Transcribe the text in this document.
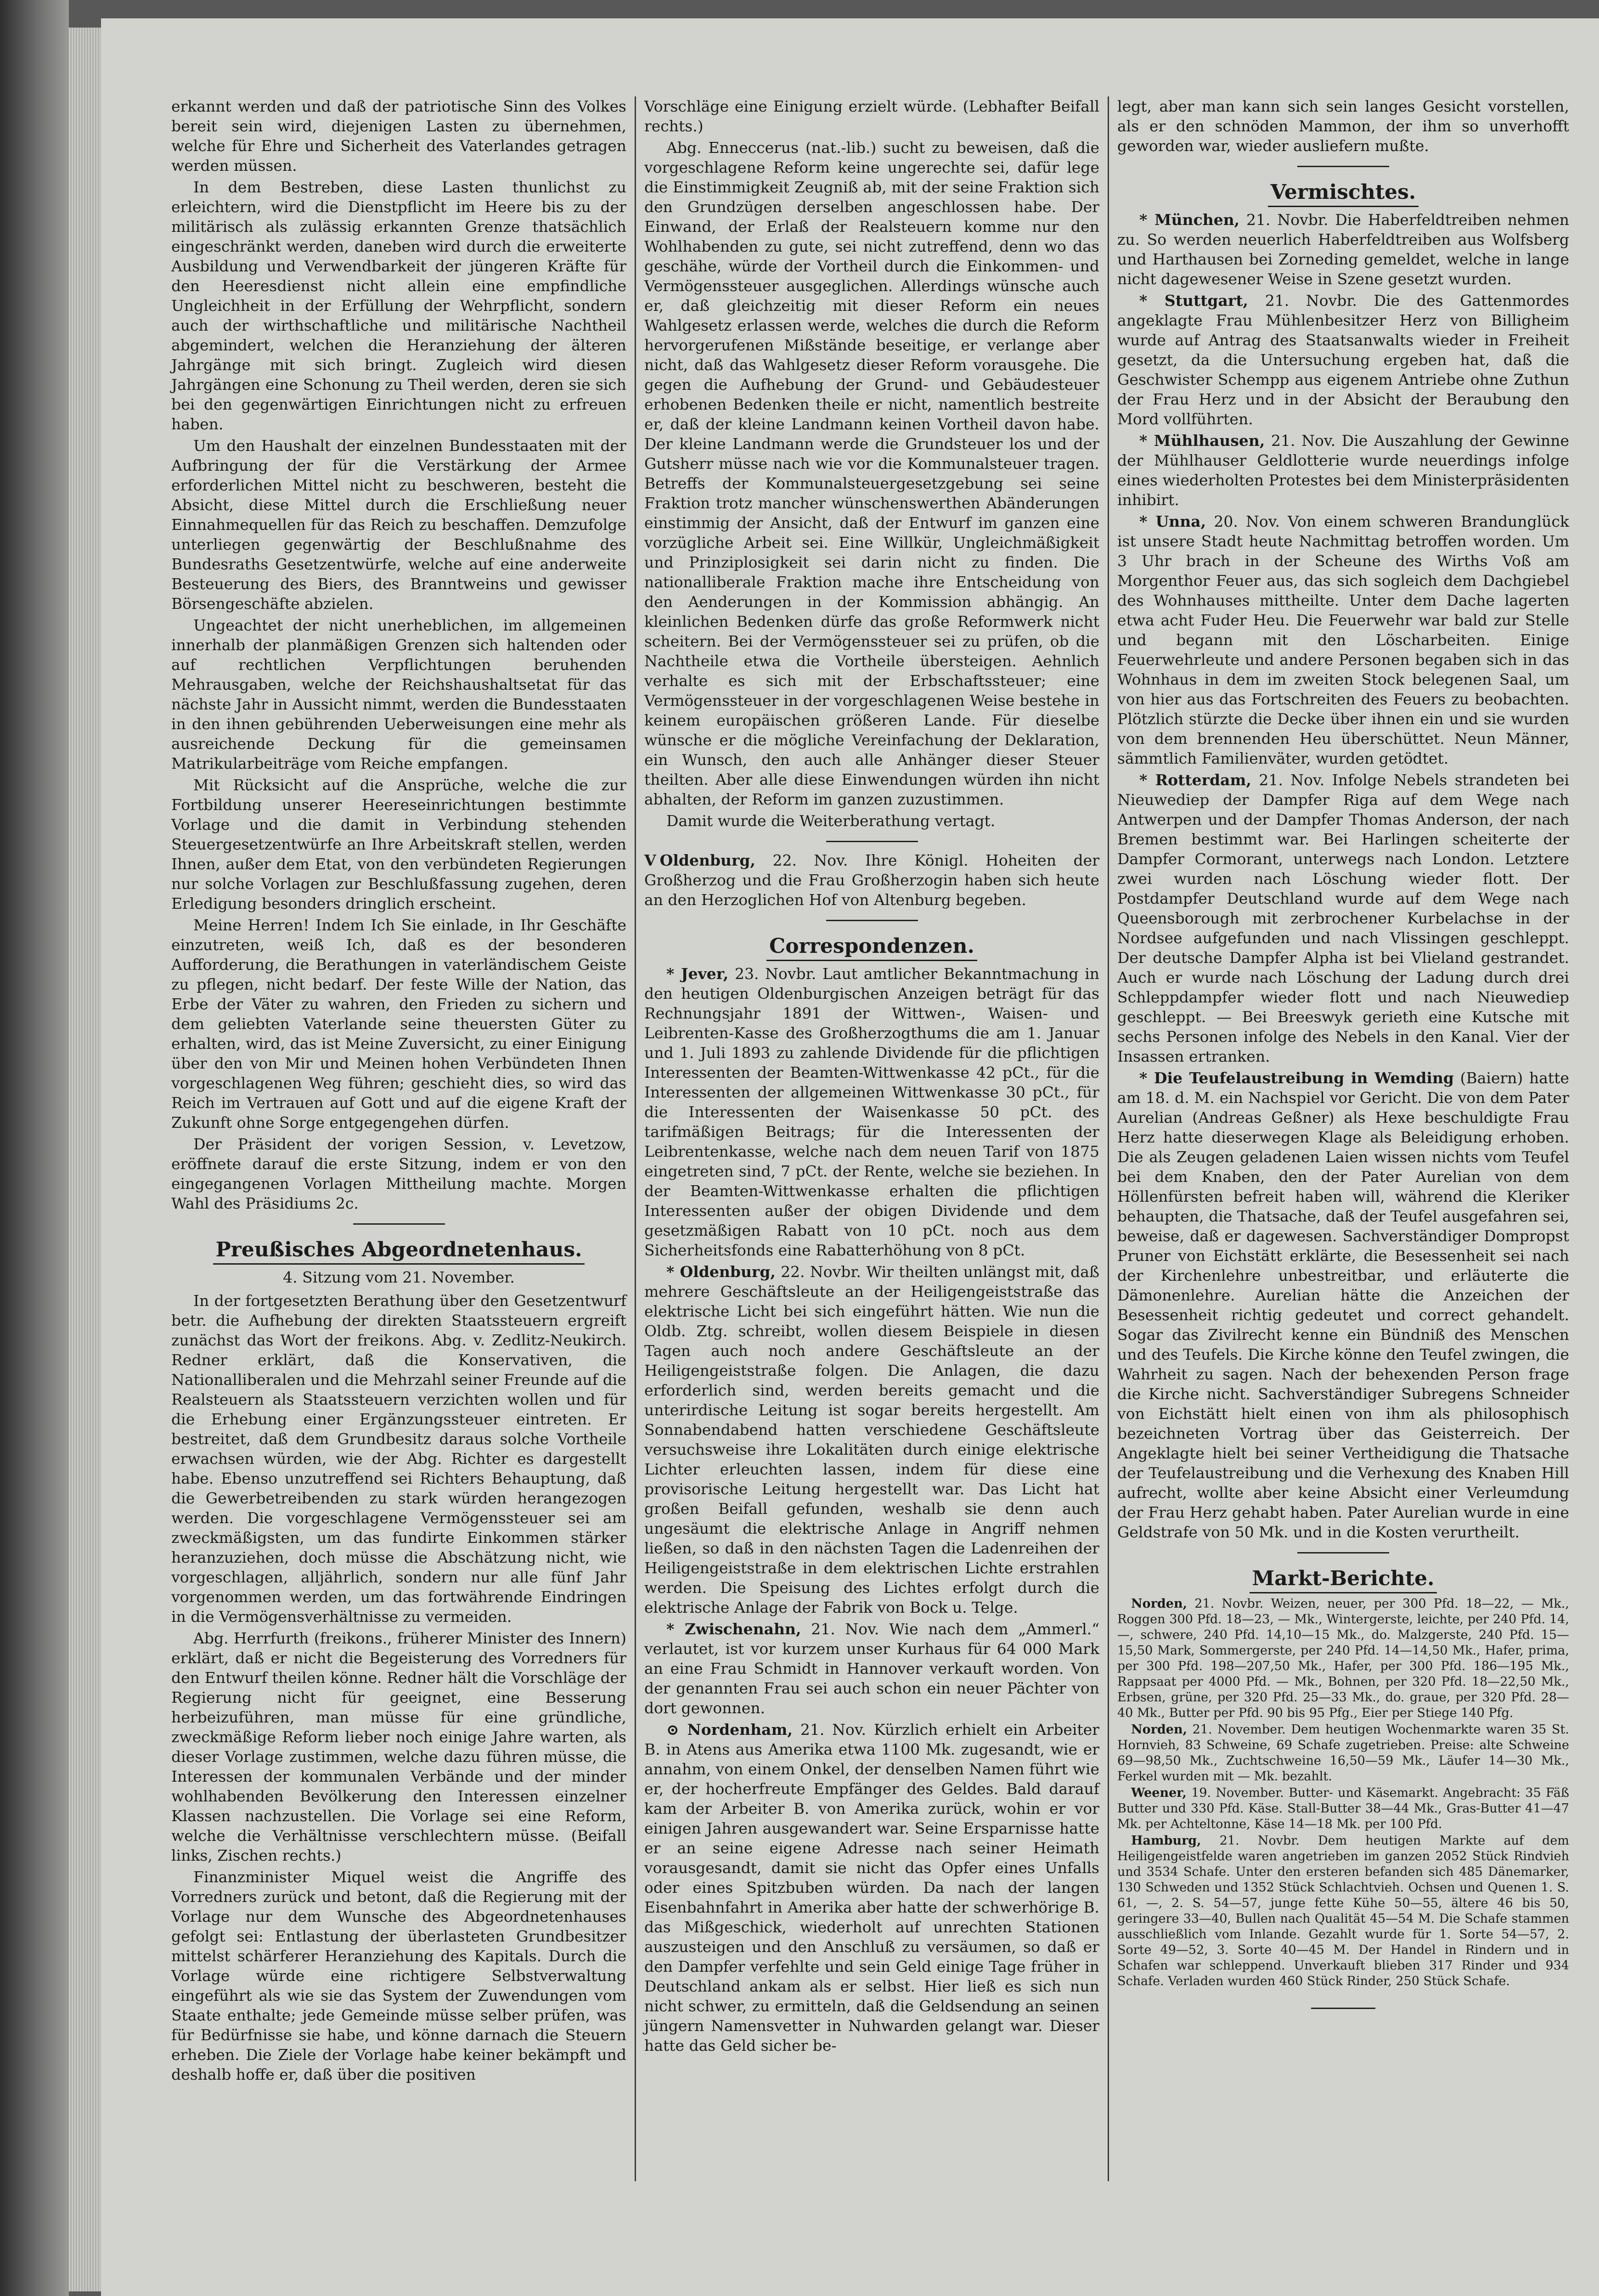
erkannt werden und daß der patriotische Sinn des Volkes bereit sein wird, diejenigen Lasten zu übernehmen, welche für Ehre und Sicherheit des Vaterlandes getragen werden müssen.

In dem Bestreben, diese Lasten thunlichst zu erleichtern, wird die Dienstpflicht im Heere bis zu der militärisch als zulässig erkannten Grenze thatsächlich eingeschränkt werden, daneben wird durch die erweiterte Ausbildung und Verwendbarkeit der jüngeren Kräfte für den Heeresdienst nicht allein eine empfindliche Ungleichheit in der Erfüllung der Wehrpflicht, sondern auch der wirthschaftliche und militärische Nachtheil abgemindert, welchen die Heranziehung der älteren Jahrgänge mit sich bringt. Zugleich wird diesen Jahrgängen eine Schonung zu Theil werden, deren sie sich bei den gegenwärtigen Einrichtungen nicht zu erfreuen haben.

Um den Haushalt der einzelnen Bundesstaaten mit der Aufbringung der für die Verstärkung der Armee erforderlichen Mittel nicht zu beschweren, besteht die Absicht, diese Mittel durch die Erschließung neuer Einnahmequellen für das Reich zu beschaffen. Demzufolge unterliegen gegenwärtig der Beschlußnahme des Bundesraths Gesetzentwürfe, welche auf eine anderweite Besteuerung des Biers, des Branntweins und gewisser Börsengeschäfte abzielen.

Ungeachtet der nicht unerheblichen, im allgemeinen innerhalb der planmäßigen Grenzen sich haltenden oder auf rechtlichen Verpflichtungen beruhenden Mehrausgaben, welche der Reichshaushaltsetat für das nächste Jahr in Aussicht nimmt, werden die Bundesstaaten in den ihnen gebührenden Ueberweisungen eine mehr als ausreichende Deckung für die gemeinsamen Matrikularbeiträge vom Reiche empfangen.

Mit Rücksicht auf die Ansprüche, welche die zur Fortbildung unserer Heereseinrichtungen bestimmte Vorlage und die damit in Verbindung stehenden Steuergesetzentwürfe an Ihre Arbeitskraft stellen, werden Ihnen, außer dem Etat, von den verbündeten Regierungen nur solche Vorlagen zur Beschlußfassung zugehen, deren Erledigung besonders dringlich erscheint.

Meine Herren! Indem Ich Sie einlade, in Ihr Geschäfte einzutreten, weiß Ich, daß es der besonderen Aufforderung, die Berathungen in vaterländischem Geiste zu pflegen, nicht bedarf. Der feste Wille der Nation, das Erbe der Väter zu wahren, den Frieden zu sichern und dem geliebten Vaterlande seine theuersten Güter zu erhalten, wird, das ist Meine Zuversicht, zu einer Einigung über den von Mir und Meinen hohen Verbündeten Ihnen vorgeschlagenen Weg führen; geschieht dies, so wird das Reich im Vertrauen auf Gott und auf die eigene Kraft der Zukunft ohne Sorge entgegengehen dürfen.

Der Präsident der vorigen Session, v. Levetzow, eröffnete darauf die erste Sitzung, indem er von den eingegangenen Vorlagen Mittheilung machte. Morgen Wahl des Präsidiums 2c.

Preußisches Abgeordnetenhaus.

4. Sitzung vom 21. November.

In der fortgesetzten Berathung über den Gesetzentwurf betr. die Aufhebung der direkten Staatssteuern ergreift zunächst das Wort der freikons. Abg. v. Zedlitz-Neukirch. Redner erklärt, daß die Konservativen, die Nationalliberalen und die Mehrzahl seiner Freunde auf die Realsteuern als Staatssteuern verzichten wollen und für die Erhebung einer Ergänzungssteuer eintreten. Er bestreitet, daß dem Grundbesitz daraus solche Vortheile erwachsen würden, wie der Abg. Richter es dargestellt habe. Ebenso unzutreffend sei Richters Behauptung, daß die Gewerbetreibenden zu stark würden herangezogen werden. Die vorgeschlagene Vermögenssteuer sei am zweckmäßigsten, um das fundirte Einkommen stärker heranzuziehen, doch müsse die Abschätzung nicht, wie vorgeschlagen, alljährlich, sondern nur alle fünf Jahr vorgenommen werden, um das fortwährende Eindringen in die Vermögensverhältnisse zu vermeiden.

Abg. Herrfurth (freikons., früherer Minister des Innern) erklärt, daß er nicht die Begeisterung des Vorredners für den Entwurf theilen könne. Redner hält die Vorschläge der Regierung nicht für geeignet, eine Besserung herbeizuführen, man müsse für eine gründliche, zweckmäßige Reform lieber noch einige Jahre warten, als dieser Vorlage zustimmen, welche dazu führen müsse, die Interessen der kommunalen Verbände und der minder wohlhabenden Bevölkerung den Interessen einzelner Klassen nachzustellen. Die Vorlage sei eine Reform, welche die Verhältnisse verschlechtern müsse. (Beifall links, Zischen rechts.)

Finanzminister Miquel weist die Angriffe des Vorredners zurück und betont, daß die Regierung mit der Vorlage nur dem Wunsche des Abgeordnetenhauses gefolgt sei: Entlastung der überlasteten Grundbesitzer mittelst schärferer Heranziehung des Kapitals. Durch die Vorlage würde eine richtigere Selbstverwaltung eingeführt als wie sie das System der Zuwendungen vom Staate enthalte; jede Gemeinde müsse selber prüfen, was für Bedürfnisse sie habe, und könne darnach die Steuern erheben. Die Ziele der Vorlage habe keiner bekämpft und deshalb hoffe er, daß über die positiven

Vorschläge eine Einigung erzielt würde. (Lebhafter Beifall rechts.)

Abg. Enneccerus (nat.-lib.) sucht zu beweisen, daß die vorgeschlagene Reform keine ungerechte sei, dafür lege die Einstimmigkeit Zeugniß ab, mit der seine Fraktion sich den Grundzügen derselben angeschlossen habe. Der Einwand, der Erlaß der Realsteuern komme nur den Wohlhabenden zu gute, sei nicht zutreffend, denn wo das geschähe, würde der Vortheil durch die Einkommen- und Vermögenssteuer ausgeglichen. Allerdings wünsche auch er, daß gleichzeitig mit dieser Reform ein neues Wahlgesetz erlassen werde, welches die durch die Reform hervorgerufenen Mißstände beseitige, er verlange aber nicht, daß das Wahlgesetz dieser Reform vorausgehe. Die gegen die Aufhebung der Grund- und Gebäudesteuer erhobenen Bedenken theile er nicht, namentlich bestreite er, daß der kleine Landmann keinen Vortheil davon habe. Der kleine Landmann werde die Grundsteuer los und der Gutsherr müsse nach wie vor die Kommunalsteuer tragen. Betreffs der Kommunalsteuergesetzgebung sei seine Fraktion trotz mancher wünschenswerthen Abänderungen einstimmig der Ansicht, daß der Entwurf im ganzen eine vorzügliche Arbeit sei. Eine Willkür, Ungleichmäßigkeit und Prinziplosigkeit sei darin nicht zu finden. Die nationalliberale Fraktion mache ihre Entscheidung von den Aenderungen in der Kommission abhängig. An kleinlichen Bedenken dürfe das große Reformwerk nicht scheitern. Bei der Vermögenssteuer sei zu prüfen, ob die Nachtheile etwa die Vortheile übersteigen. Aehnlich verhalte es sich mit der Erbschaftssteuer; eine Vermögenssteuer in der vorgeschlagenen Weise bestehe in keinem europäischen größeren Lande. Für dieselbe wünsche er die mögliche Vereinfachung der Deklaration, ein Wunsch, den auch alle Anhänger dieser Steuer theilten. Aber alle diese Einwendungen würden ihn nicht abhalten, der Reform im ganzen zuzustimmen.

Damit wurde die Weiterberathung vertagt.

V Oldenburg, 22. Nov. Ihre Königl. Hoheiten der Großherzog und die Frau Großherzogin haben sich heute an den Herzoglichen Hof von Altenburg begeben.

Correspondenzen.

* Jever, 23. Novbr. Laut amtlicher Bekanntmachung in den heutigen Oldenburgischen Anzeigen beträgt für das Rechnungsjahr 1891 der Wittwen-, Waisen- und Leibrenten-Kasse des Großherzogthums die am 1. Januar und 1. Juli 1893 zu zahlende Dividende für die pflichtigen Interessenten der Beamten-Wittwenkasse 42 pCt., für die Interessenten der allgemeinen Wittwenkasse 30 pCt., für die Interessenten der Waisenkasse 50 pCt. des tarifmäßigen Beitrags; für die Interessenten der Leibrentenkasse, welche nach dem neuen Tarif von 1875 eingetreten sind, 7 pCt. der Rente, welche sie beziehen. In der Beamten-Wittwenkasse erhalten die pflichtigen Interessenten außer der obigen Dividende und dem gesetzmäßigen Rabatt von 10 pCt. noch aus dem Sicherheitsfonds eine Rabatterhöhung von 8 pCt.

* Oldenburg, 22. Novbr. Wir theilten unlängst mit, daß mehrere Geschäftsleute an der Heiligengeiststraße das elektrische Licht bei sich eingeführt hätten. Wie nun die Oldb. Ztg. schreibt, wollen diesem Beispiele in diesen Tagen auch noch andere Geschäftsleute an der Heiligengeiststraße folgen. Die Anlagen, die dazu erforderlich sind, werden bereits gemacht und die unterirdische Leitung ist sogar bereits hergestellt. Am Sonnabendabend hatten verschiedene Geschäftsleute versuchsweise ihre Lokalitäten durch einige elektrische Lichter erleuchten lassen, indem für diese eine provisorische Leitung hergestellt war. Das Licht hat großen Beifall gefunden, weshalb sie denn auch ungesäumt die elektrische Anlage in Angriff nehmen ließen, so daß in den nächsten Tagen die Ladenreihen der Heiligengeiststraße in dem elektrischen Lichte erstrahlen werden. Die Speisung des Lichtes erfolgt durch die elektrische Anlage der Fabrik von Bock u. Telge.

* Zwischenahn, 21. Nov. Wie nach dem „Ammerl.“ verlautet, ist vor kurzem unser Kurhaus für 64 000 Mark an eine Frau Schmidt in Hannover verkauft worden. Von der genannten Frau sei auch schon ein neuer Pächter von dort gewonnen.

⊙ Nordenham, 21. Nov. Kürzlich erhielt ein Arbeiter B. in Atens aus Amerika etwa 1100 Mk. zugesandt, wie er annahm, von einem Onkel, der denselben Namen führt wie er, der hocherfreute Empfänger des Geldes. Bald darauf kam der Arbeiter B. von Amerika zurück, wohin er vor einigen Jahren ausgewandert war. Seine Ersparnisse hatte er an seine eigene Adresse nach seiner Heimath vorausgesandt, damit sie nicht das Opfer eines Unfalls oder eines Spitzbuben würden. Da nach der langen Eisenbahnfahrt in Amerika aber hatte der schwerhörige B. das Mißgeschick, wiederholt auf unrechten Stationen auszusteigen und den Anschluß zu versäumen, so daß er den Dampfer verfehlte und sein Geld einige Tage früher in Deutschland ankam als er selbst. Hier ließ es sich nun nicht schwer, zu ermitteln, daß die Geldsendung an seinen jüngern Namensvetter in Nuhwarden gelangt war. Dieser hatte das Geld sicher be-

legt, aber man kann sich sein langes Gesicht vorstellen, als er den schnöden Mammon, der ihm so unverhofft geworden war, wieder ausliefern mußte.

Vermischtes.

* München, 21. Novbr. Die Haberfeldtreiben nehmen zu. So werden neuerlich Haberfeldtreiben aus Wolfsberg und Harthausen bei Zorneding gemeldet, welche in lange nicht dagewesener Weise in Szene gesetzt wurden.

* Stuttgart, 21. Novbr. Die des Gattenmordes angeklagte Frau Mühlenbesitzer Herz von Billigheim wurde auf Antrag des Staatsanwalts wieder in Freiheit gesetzt, da die Untersuchung ergeben hat, daß die Geschwister Schempp aus eigenem Antriebe ohne Zuthun der Frau Herz und in der Absicht der Beraubung den Mord vollführten.

* Mühlhausen, 21. Nov. Die Auszahlung der Gewinne der Mühlhauser Geldlotterie wurde neuerdings infolge eines wiederholten Protestes bei dem Ministerpräsidenten inhibirt.

* Unna, 20. Nov. Von einem schweren Brandunglück ist unsere Stadt heute Nachmittag betroffen worden. Um 3 Uhr brach in der Scheune des Wirths Voß am Morgenthor Feuer aus, das sich sogleich dem Dachgiebel des Wohnhauses mittheilte. Unter dem Dache lagerten etwa acht Fuder Heu. Die Feuerwehr war bald zur Stelle und begann mit den Löscharbeiten. Einige Feuerwehrleute und andere Personen begaben sich in das Wohnhaus in dem im zweiten Stock belegenen Saal, um von hier aus das Fortschreiten des Feuers zu beobachten. Plötzlich stürzte die Decke über ihnen ein und sie wurden von dem brennenden Heu überschüttet. Neun Männer, sämmtlich Familienväter, wurden getödtet.

* Rotterdam, 21. Nov. Infolge Nebels strandeten bei Nieuwediep der Dampfer Riga auf dem Wege nach Antwerpen und der Dampfer Thomas Anderson, der nach Bremen bestimmt war. Bei Harlingen scheiterte der Dampfer Cormorant, unterwegs nach London. Letztere zwei wurden nach Löschung wieder flott. Der Postdampfer Deutschland wurde auf dem Wege nach Queensborough mit zerbrochener Kurbelachse in der Nordsee aufgefunden und nach Vlissingen geschleppt. Der deutsche Dampfer Alpha ist bei Vlieland gestrandet. Auch er wurde nach Löschung der Ladung durch drei Schleppdampfer wieder flott und nach Nieuwediep geschleppt. — Bei Breeswyk gerieth eine Kutsche mit sechs Personen infolge des Nebels in den Kanal. Vier der Insassen ertranken.

* Die Teufelaustreibung in Wemding (Baiern) hatte am 18. d. M. ein Nachspiel vor Gericht. Die von dem Pater Aurelian (Andreas Geßner) als Hexe beschuldigte Frau Herz hatte dieserwegen Klage als Beleidigung erhoben. Die als Zeugen geladenen Laien wissen nichts vom Teufel bei dem Knaben, den der Pater Aurelian von dem Höllenfürsten befreit haben will, während die Kleriker behaupten, die Thatsache, daß der Teufel ausgefahren sei, beweise, daß er dagewesen. Sachverständiger Dompropst Pruner von Eichstätt erklärte, die Besessenheit sei nach der Kirchenlehre unbestreitbar, und erläuterte die Dämonenlehre. Aurelian hätte die Anzeichen der Besessenheit richtig gedeutet und correct gehandelt. Sogar das Zivilrecht kenne ein Bündniß des Menschen und des Teufels. Die Kirche könne den Teufel zwingen, die Wahrheit zu sagen. Nach der behexenden Person frage die Kirche nicht. Sachverständiger Subregens Schneider von Eichstätt hielt einen von ihm als philosophisch bezeichneten Vortrag über das Geisterreich. Der Angeklagte hielt bei seiner Vertheidigung die Thatsache der Teufelaustreibung und die Verhexung des Knaben Hill aufrecht, wollte aber keine Absicht einer Verleumdung der Frau Herz gehabt haben. Pater Aurelian wurde in eine Geldstrafe von 50 Mk. und in die Kosten verurtheilt.

Markt-Berichte.

Norden, 21. Novbr. Weizen, neuer, per 300 Pfd. 18—22, — Mk., Roggen 300 Pfd. 18—23, — Mk., Wintergerste, leichte, per 240 Pfd. 14, —, schwere, 240 Pfd. 14,10—15 Mk., do. Malzgerste, 240 Pfd. 15—15,50 Mark, Sommergerste, per 240 Pfd. 14—14,50 Mk., Hafer, prima, per 300 Pfd. 198—207,50 Mk., Hafer, per 300 Pfd. 186—195 Mk., Rappsaat per 4000 Pfd. — Mk., Bohnen, per 320 Pfd. 18—22,50 Mk., Erbsen, grüne, per 320 Pfd. 25—33 Mk., do. graue, per 320 Pfd. 28—40 Mk., Butter per Pfd. 90 bis 95 Pfg., Eier per Stiege 140 Pfg.

Norden, 21. November. Dem heutigen Wochenmarkte waren 35 St. Hornvieh, 83 Schweine, 69 Schafe zugetrieben. Preise: alte Schweine 69—98,50 Mk., Zuchtschweine 16,50—59 Mk., Läufer 14—30 Mk., Ferkel wurden mit — Mk. bezahlt.

Weener, 19. November. Butter- und Käsemarkt. Angebracht: 35 Fäß Butter und 330 Pfd. Käse. Stall-Butter 38—44 Mk., Gras-Butter 41—47 Mk. per Achteltonne, Käse 14—18 Mk. per 100 Pfd.

Hamburg, 21. Novbr. Dem heutigen Markte auf dem Heiligengeistfelde waren angetrieben im ganzen 2052 Stück Rindvieh und 3534 Schafe. Unter den ersteren befanden sich 485 Dänemarker, 130 Schweden und 1352 Stück Schlachtvieh. Ochsen und Quenen 1. S. 61, —, 2. S. 54—57, junge fette Kühe 50—55, ältere 46 bis 50, geringere 33—40, Bullen nach Qualität 45—54 M. Die Schafe stammen ausschließlich vom Inlande. Gezahlt wurde für 1. Sorte 54—57, 2. Sorte 49—52, 3. Sorte 40—45 M. Der Handel in Rindern und in Schafen war schleppend. Unverkauft blieben 317 Rinder und 934 Schafe. Verladen wurden 460 Stück Rinder, 250 Stück Schafe.
